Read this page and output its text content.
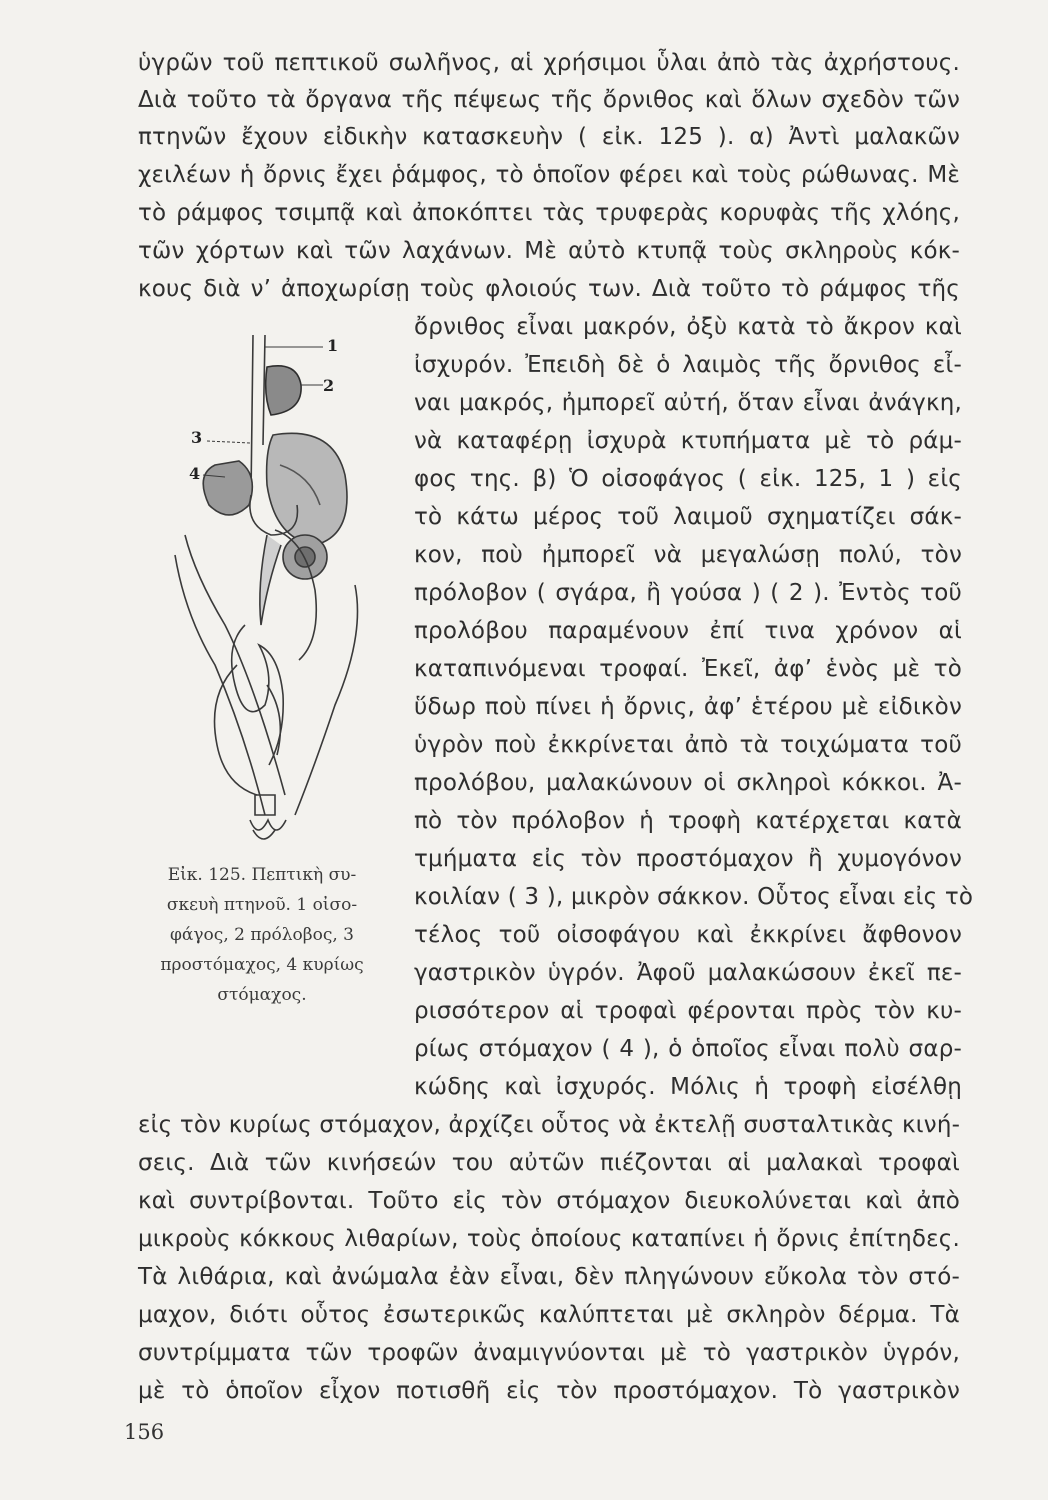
ὑγρῶν τοῦ πεπτικοῦ σωλῆνος, αἱ χρήσιμοι ὗλαι ἀπὸ τὰς ἀχρήστους.
Διὰ τοῦτο τὰ ὄργανα τῆς πέψεως τῆς ὄρνιθος καὶ ὅλων σχεδὸν τῶν
πτηνῶν ἔχουν εἰδικὴν κατασκευὴν ( εἰκ. 125 ). α) Ἀντὶ μαλακῶν
χειλέων ἡ ὄρνις ἔχει ῥάμφος, τὸ ὁποῖον φέρει καὶ τοὺς ρώθωνας. Μὲ
τὸ ράμφος τσιμπᾷ καὶ ἀποκόπτει τὰς τρυφερὰς κορυφὰς τῆς χλόης,
τῶν χόρτων καὶ τῶν λαχάνων. Μὲ αὐτὸ κτυπᾷ τοὺς σκληροὺς κόκ-
κους διὰ ν’ ἀποχωρίσῃ τοὺς φλοιούς των. Διὰ τοῦτο τὸ ράμφος τῆς
1
2
3
4
ὄρνιθος εἶναι μακρόν, ὀξὺ κατὰ τὸ ἄκρον καὶ
ἰσχυρόν. Ἐπειδὴ δὲ ὁ λαιμὸς τῆς ὄρνιθος εἶ-
ναι μακρός, ἠμπορεῖ αὐτή, ὅταν εἶναι ἀνάγκη,
νὰ καταφέρῃ ἰσχυρὰ κτυπήματα μὲ τὸ ράμ-
φος της. β) Ὁ οἰσοφάγος ( εἰκ. 125, 1 ) εἰς
τὸ κάτω μέρος τοῦ λαιμοῦ σχηματίζει σάκ-
κον, ποὺ ἠμπορεῖ νὰ μεγαλώσῃ πολύ, τὸν
πρόλοβον ( σγάρα, ἢ γούσα ) ( 2 ). Ἐντὸς τοῦ
προλόβου παραμένουν ἐπί τινα χρόνον αἱ
καταπινόμεναι τροφαί. Ἐκεῖ, ἀφ’ ἑνὸς μὲ τὸ
ὕδωρ ποὺ πίνει ἡ ὄρνις, ἀφ’ ἑτέρου μὲ εἰδικὸν
ὑγρὸν ποὺ ἐκκρίνεται ἀπὸ τὰ τοιχώματα τοῦ
προλόβου, μαλακώνουν οἱ σκληροὶ κόκκοι. Ἀ-
πὸ τὸν πρόλοβον ἡ τροφὴ κατέρχεται κατὰ
τμήματα εἰς τὸν προστόμαχον ἢ χυμογόνον
κοιλίαν ( 3 ), μικρὸν σάκκον. Οὗτος εἶναι εἰς τὸ
τέλος τοῦ οἰσοφάγου καὶ ἐκκρίνει ἄφθονον
γαστρικὸν ὑγρόν. Ἀφοῦ μαλακώσουν ἐκεῖ πε-
ρισσότερον αἱ τροφαὶ φέρονται πρὸς τὸν κυ-
ρίως στόμαχον ( 4 ), ὁ ὁποῖος εἶναι πολὺ σαρ-
κώδης καὶ ἰσχυρός. Μόλις ἡ τροφὴ εἰσέλθῃ
Εἰκ. 125. Πεπτικὴ συ-
σκευὴ πτηνοῦ. 1 οἰσο-
φάγος, 2 πρόλοβος, 3
προστόμαχος, 4 κυρίως
στόμαχος.
εἰς τὸν κυρίως στόμαχον, ἀρχίζει οὗτος νὰ ἐκτελῇ συσταλτικὰς κινή-
σεις. Διὰ τῶν κινήσεών του αὐτῶν πιέζονται αἱ μαλακαὶ τροφαὶ
καὶ συντρίβονται. Τοῦτο εἰς τὸν στόμαχον διευκολύνεται καὶ ἀπὸ
μικροὺς κόκκους λιθαρίων, τοὺς ὁποίους καταπίνει ἡ ὄρνις ἐπίτηδες.
Τὰ λιθάρια, καὶ ἀνώμαλα ἐὰν εἶναι, δὲν πληγώνουν εὔκολα τὸν στό-
μαχον, διότι οὗτος ἐσωτερικῶς καλύπτεται μὲ σκληρὸν δέρμα. Τὰ
συντρίμματα τῶν τροφῶν ἀναμιγνύονται μὲ τὸ γαστρικὸν ὑγρόν,
μὲ τὸ ὁποῖον εἶχον ποτισθῆ εἰς τὸν προστόμαχον. Τὸ γαστρικὸν
156
